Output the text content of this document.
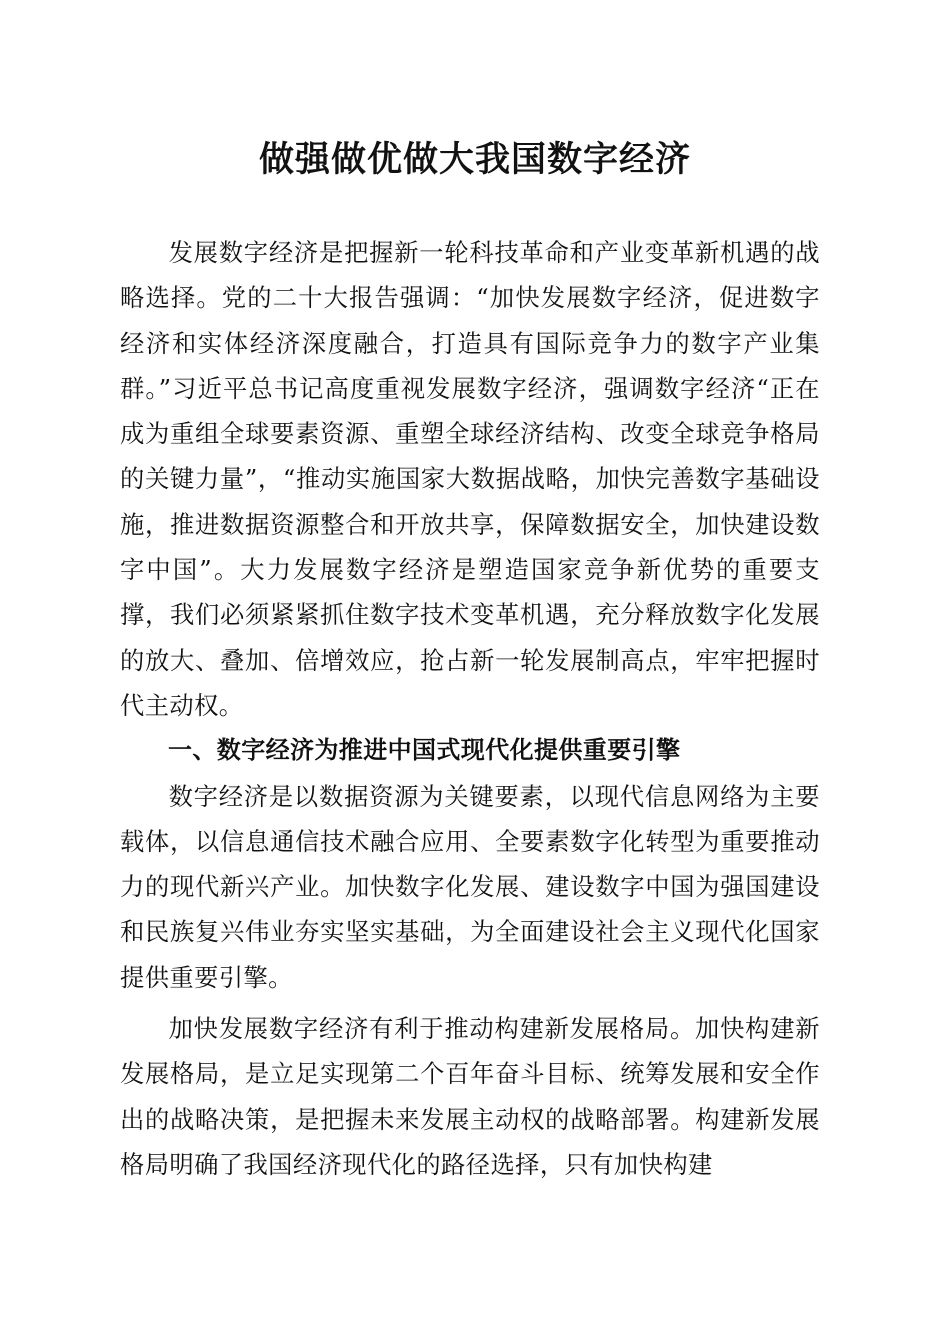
做强做优做大我国数字经济

发展数字经济是把握新一轮科技革命和产业变革新机遇的战略选择。党的二十大报告强调：“加快发展数字经济，促进数字经济和实体经济深度融合，打造具有国际竞争力的数字产业集群。”习近平总书记高度重视发展数字经济，强调数字经济“正在成为重组全球要素资源、重塑全球经济结构、改变全球竞争格局的关键力量”，“推动实施国家大数据战略，加快完善数字基础设施，推进数据资源整合和开放共享，保障数据安全，加快建设数字中国”。大力发展数字经济是塑造国家竞争新优势的重要支撑，我们必须紧紧抓住数字技术变革机遇，充分释放数字化发展的放大、叠加、倍增效应，抢占新一轮发展制高点，牢牢把握时代主动权。

一、数字经济为推进中国式现代化提供重要引擎

数字经济是以数据资源为关键要素，以现代信息网络为主要载体，以信息通信技术融合应用、全要素数字化转型为重要推动力的现代新兴产业。加快数字化发展、建设数字中国为强国建设和民族复兴伟业夯实坚实基础，为全面建设社会主义现代化国家提供重要引擎。

加快发展数字经济有利于推动构建新发展格局。加快构建新发展格局，是立足实现第二个百年奋斗目标、统筹发展和安全作出的战略决策，是把握未来发展主动权的战略部署。构建新发展格局明确了我国经济现代化的路径选择，只有加快构建
